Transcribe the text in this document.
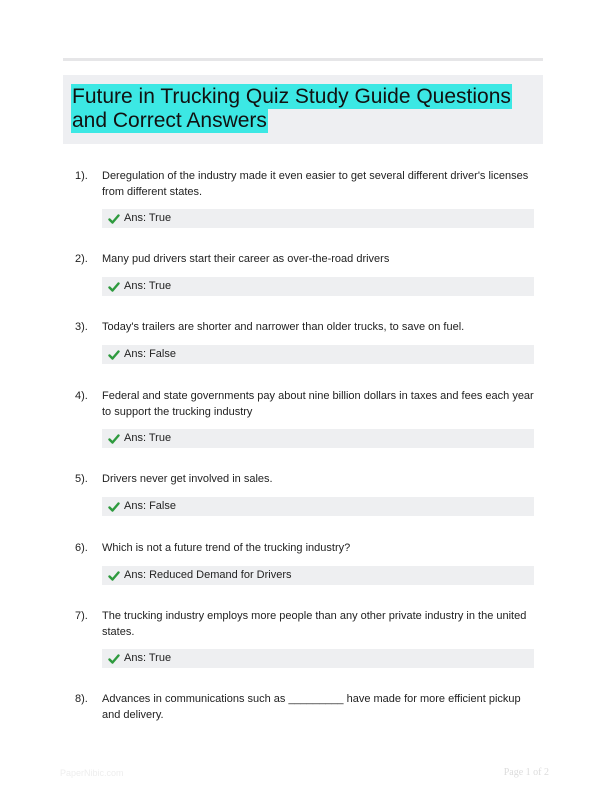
Future in Trucking Quiz Study Guide Questions and Correct Answers
1). Deregulation of the industry made it even easier to get several different driver's licenses from different states.
Ans: True
2). Many pud drivers start their career as over-the-road drivers
Ans: True
3). Today's trailers are shorter and narrower than older trucks, to save on fuel.
Ans: False
4). Federal and state governments pay about nine billion dollars in taxes and fees each year to support the trucking industry
Ans: True
5). Drivers never get involved in sales.
Ans: False
6). Which is not a future trend of the trucking industry?
Ans: Reduced Demand for Drivers
7). The trucking industry employs more people than any other private industry in the united states.
Ans: True
8). Advances in communications such as _________ have made for more efficient pickup and delivery.
PaperNibic.com	Page 1 of 2
